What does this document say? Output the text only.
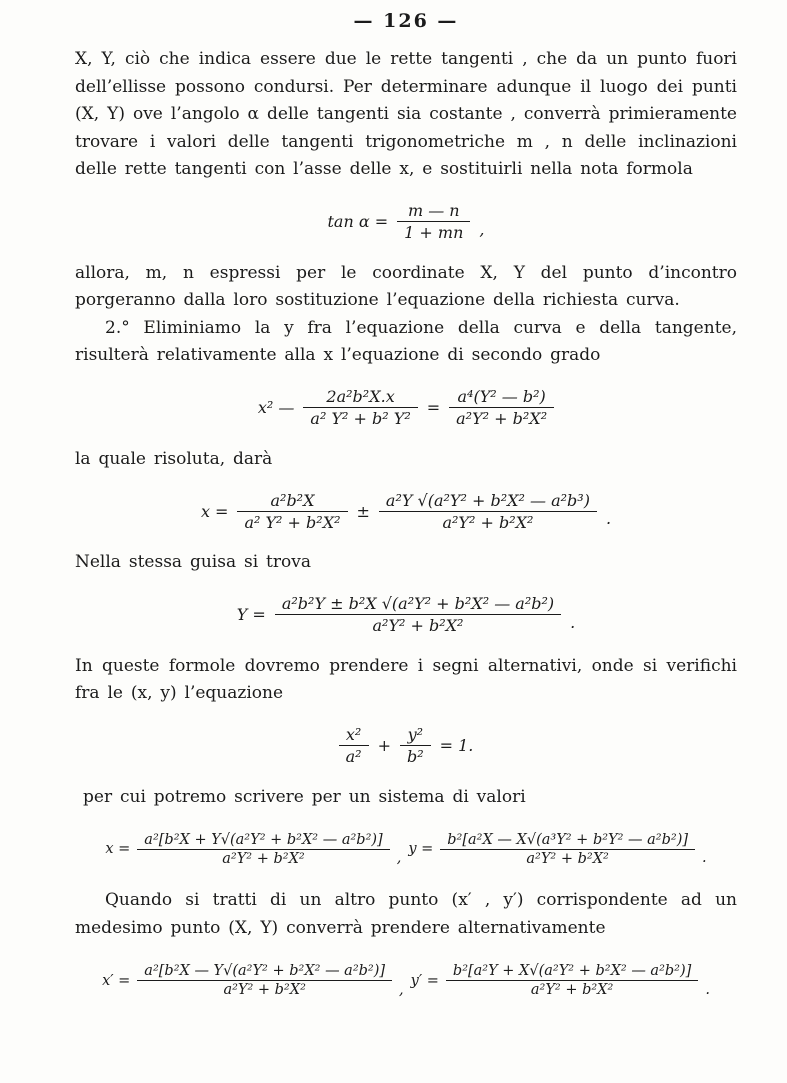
— 126 —

X, Y, ciò che indica essere due le rette tangenti , che da un punto fuori dell’ellisse possono condursi. Per determinare adunque il luogo dei punti (X, Y) ove l’angolo α delle tangenti sia costante , converrà primieramente trovare i valori delle tangenti trigonometriche m , n delle inclinazioni delle rette tangenti con l’asse delle x, e sostituirli nella nota formola

$\tan \alpha = \frac{m — n}{1 + mn}$ ,

allora, m, n espressi per le coordinate X, Y del punto d’incontro porgeranno dalla loro sostituzione l’equazione della richiesta curva.

2.° Eliminiamo la y fra l’equazione della curva e della tangente, risulterà relativamente alla x l’equazione di secondo grado

x² — $\frac{\text{2a²b²X.x}}{\text{a² Y² + b² Y²}} = \frac{\text{a⁴(Y² — b²)}}{\text{a²Y² + b²X²}}$

la quale risoluta, darà

$x = \frac{\text{a²b²X}}{\text{a² Y² + b²X²}} \pm \frac{\text{a²Y √(a²Y² + b²X² — a²b³)}}{\text{a²Y² + b²X²}}$ .

Nella stessa guisa si trova

$Y = \frac{\text{a²b²Y ± b²X √(a²Y² + b²X² — a²b²)}}{\text{a²Y² + b²X²}}$ .

In queste formole dovremo prendere i segni alternativi, onde si verifichi fra le (x, y) l’equazione

$\frac{\text{x²}}{\text{a²}} + \frac{\text{y²}}{\text{b²}} = 1$.

per cui potremo scrivere per un sistema di valori

$x = \frac{\text{a²[b²X + Y√(a²Y² + b²X² — a²b²)]}}{\text{a²Y² + b²X²}}$ ,
$y = \frac{\text{b²[a²X — X√(a³Y² + b²Y² — a²b²)]}}{\text{a²Y² + b²X²}}$ .

Quando si tratti di un altro punto (x′ , y′) corrispondente ad un medesimo punto (X, Y) converrà prendere alternativamente

$x' = \frac{\text{a²[b²X — Y√(a²Y² + b²X² — a²b²)]}}{\text{a²Y² + b²X²}}$ ,
$y' = \frac{\text{b²[a²Y + X√(a²Y² + b²X² — a²b²)]}}{\text{a²Y² + b²X²}}$ .
